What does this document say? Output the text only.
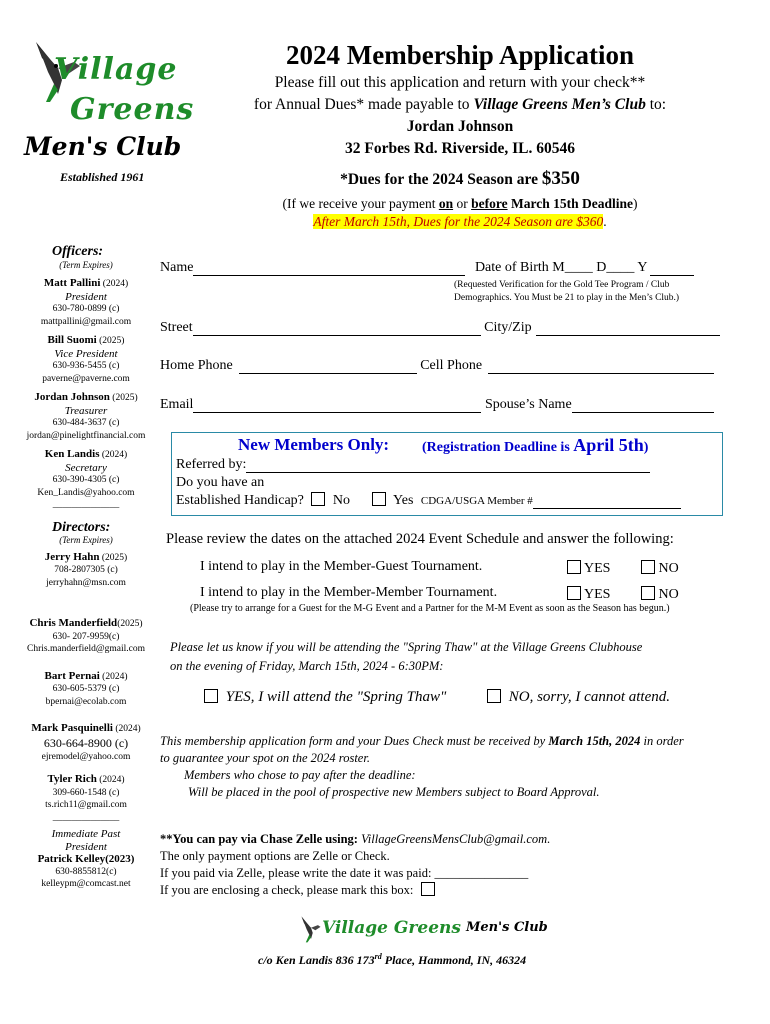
Village
Greens
Men's Club
Established 1961
2024 Membership Application
Please fill out this application and return with your check**
for Annual Dues* made payable to Village Greens Men’s Club to:
Jordan Johnson
32 Forbes Rd. Riverside, IL. 60546
*Dues for the 2024 Season are $350
(If we receive your payment on or before March 15th Deadline)
After March 15th, Dues for the 2024 Season are $360.
Officers:
(Term Expires)
Matt Pallini (2024)
President
630-780-0899 (c)
mattpallini@gmail.com
Bill Suomi (2025)
Vice President
630-936-5455 (c)
paverne@paverne.com
Jordan Johnson (2025)
Treasurer
630-484-3637 (c)
jordan@pinelightfinancial.com
Ken Landis (2024)
Secretary
630-390-4305 (c)
Ken_Landis@yahoo.com
______________
Directors:
(Term Expires)
Jerry Hahn (2025)
708-2807305 (c)
jerryhahn@msn.com
Chris Manderfield(2025)
630- 207-9959(c)
Chris.manderfield@gmail.com
Bart Pernai (2024)
630-605-5379 (c)
bpernai@ecolab.com
Mark Pasquinelli (2024)
630-664-8900 (c)
ejremodel@yahoo.com
Tyler Rich (2024)
309-660-1548 (c)
ts.rich11@gmail.com
______________
Immediate Past President
Patrick Kelley(2023)
630-8855812(c)
kelleypm@comcast.net
Name	Date of Birth M____ D____ Y
(Requested Verification for the Gold Tee Program / Club Demographics. You Must be 21 to play in the Men’s Club.)
Street	City/Zip
Home Phone	Cell Phone
Email	Spouse’s Name
New Members Only: (Registration Deadline is April 5th)
Referred by:
Do you have an
Established Handicap? No	Yes CDGA/USGA Member #
Please review the dates on the attached 2024 Event Schedule and answer the following:
I intend to play in the Member-Guest Tournament.	YES	NO
I intend to play in the Member-Member Tournament.	YES	NO
(Please try to arrange for a Guest for the M-G Event and a Partner for the M-M Event as soon as the Season has begun.)
Please let us know if you will be attending the "Spring Thaw" at the Village Greens Clubhouse
on the evening of Friday, March 15th, 2024 - 6:30PM:
YES, I will attend the "Spring Thaw"	NO, sorry, I cannot attend.
This membership application form and your Dues Check must be received by March 15th, 2024 in order
to guarantee your spot on the 2024 roster.
Members who chose to pay after the deadline:
Will be placed in the pool of prospective new Members subject to Board Approval.
**You can pay via Chase Zelle using: VillageGreensMensClub@gmail.com.
The only payment options are Zelle or Check.
If you paid via Zelle, please write the date it was paid: _______________
If you are enclosing a check, please mark this box:
Village Greens Men's Club
c/o Ken Landis 836 173rd Place, Hammond, IN, 46324
